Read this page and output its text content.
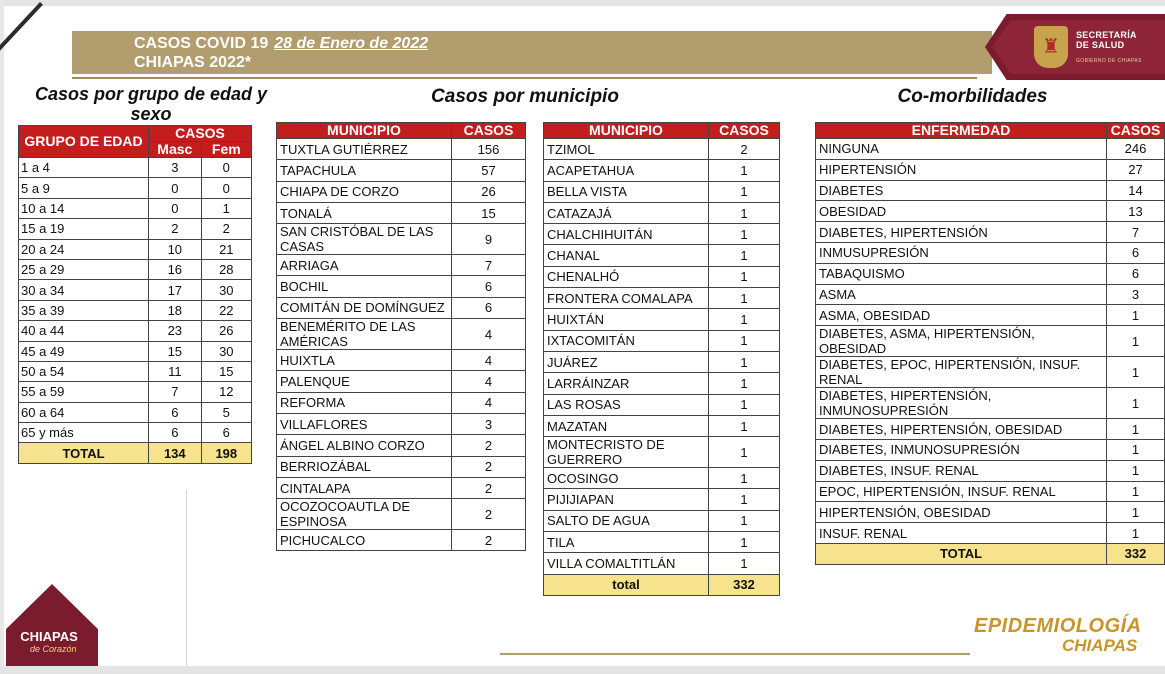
CASOS COVID 19 28 de Enero de 2022
CHIAPAS 2022*
♜
SECRETARÍA
DE SALUD
GOBIERNO DE CHIAPAS
Casos por grupo de edad y sexo
Casos por municipio	Co-morbilidades
GRUPO DE EDAD	CASOS	
	Masc	Fem
1 a 4	3	0
5 a 9	0	0
10 a 14	0	1
15 a 19	2	2
20 a 24	10	21
25 a 29	16	28
30 a 34	17	30
35 a 39	18	22
40 a 44	23	26
45 a 49	15	30
50 a 54	11	15
55 a 59	7	12
60 a 64	6	5
65 y más	6	6
TOTAL	134	198
MUNICIPIO	CASOS
TUXTLA GUTIÉRREZ	156
TAPACHULA	57
CHIAPA DE CORZO	26
TONALÁ	15
SAN CRISTÓBAL DE LAS CASAS	9
ARRIAGA	7
BOCHIL	6
COMITÁN DE DOMÍNGUEZ	6
BENEMÉRITO DE LAS AMÉRICAS	4
HUIXTLA	4
PALENQUE	4
REFORMA	4
VILLAFLORES	3
ÁNGEL ALBINO CORZO	2
BERRIOZÁBAL	2
CINTALAPA	2
OCOZOCOAUTLA DE ESPINOSA	2
PICHUCALCO	2
MUNICIPIO	CASOS
TZIMOL	2
ACAPETAHUA	1
BELLA VISTA	1
CATAZAJÁ	1
CHALCHIHUITÁN	1
CHANAL	1
CHENALHÓ	1
FRONTERA COMALAPA	1
HUIXTÁN	1
IXTACOMITÁN	1
JUÁREZ	1
LARRÁINZAR	1
LAS ROSAS	1
MAZATAN	1
MONTECRISTO DE GUERRERO	1
OCOSINGO	1
PIJIJIAPAN	1
SALTO DE AGUA	1
TILA	1
VILLA COMALTITLÁN	1
total	332
ENFERMEDAD	CASOS
NINGUNA	246
HIPERTENSIÓN	27
DIABETES	14
OBESIDAD	13
DIABETES, HIPERTENSIÓN	7
INMUSUPRESIÓN	6
TABAQUISMO	6
ASMA	3
ASMA, OBESIDAD	1
DIABETES, ASMA, HIPERTENSIÓN, OBESIDAD	1
DIABETES, EPOC, HIPERTENSIÓN, INSUF. RENAL	1
DIABETES, HIPERTENSIÓN, INMUNOSUPRESIÓN	1
DIABETES, HIPERTENSIÓN, OBESIDAD	1
DIABETES, INMUNOSUPRESIÓN	1
DIABETES, INSUF. RENAL	1
EPOC, HIPERTENSIÓN, INSUF. RENAL	1
HIPERTENSIÓN, OBESIDAD	1
INSUF. RENAL	1
TOTAL	332
CHIAPAS
de Corazón
EPIDEMIOLOGÍA
CHIAPAS
